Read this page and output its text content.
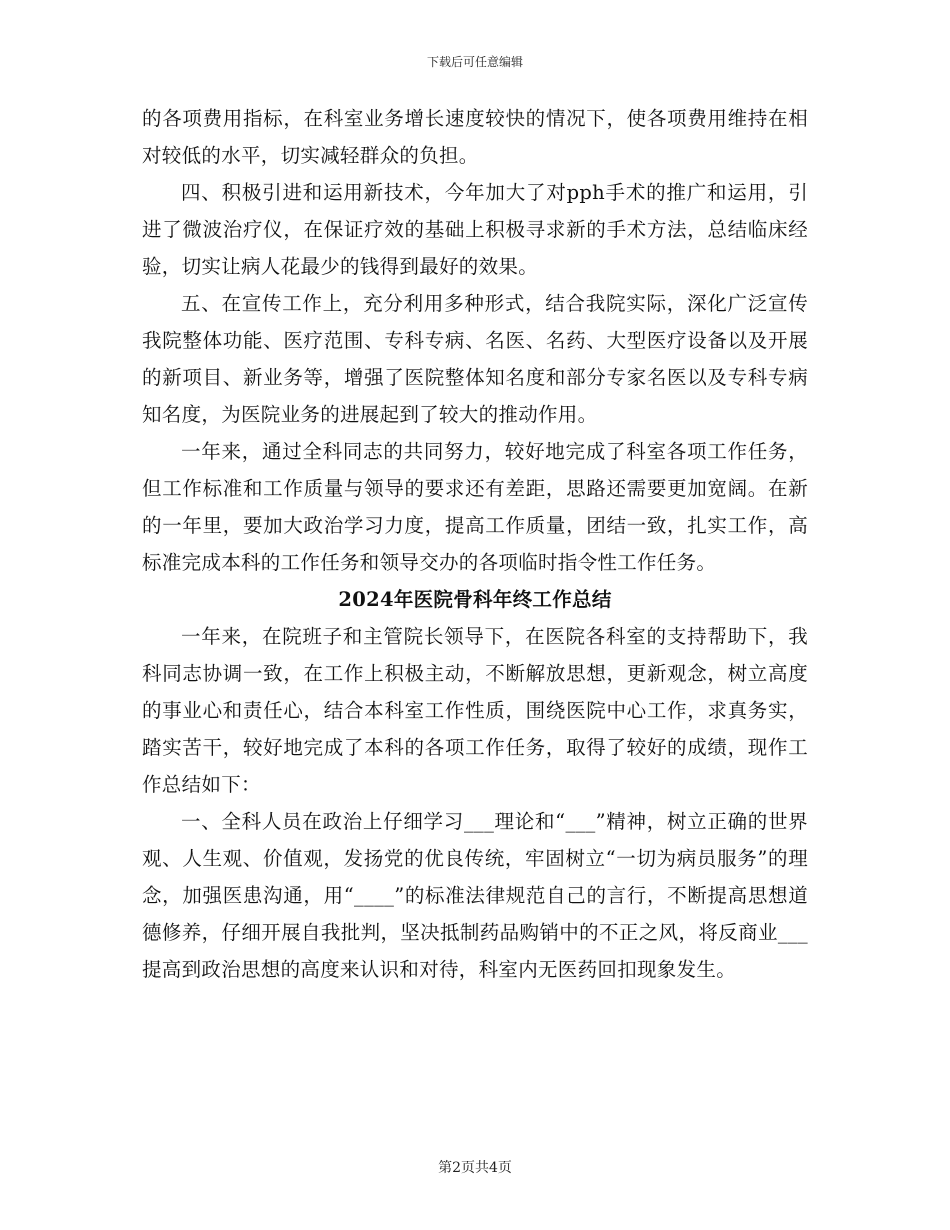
下载后可任意编辑

的各项费用指标，在科室业务增长速度较快的情况下，使各项费用维持在相对较低的水平，切实减轻群众的负担。

四、积极引进和运用新技术，今年加大了对pph手术的推广和运用，引进了微波治疗仪，在保证疗效的基础上积极寻求新的手术方法，总结临床经验，切实让病人花最少的钱得到最好的效果。

五、在宣传工作上，充分利用多种形式，结合我院实际，深化广泛宣传我院整体功能、医疗范围、专科专病、名医、名药、大型医疗设备以及开展的新项目、新业务等，增强了医院整体知名度和部分专家名医以及专科专病知名度，为医院业务的进展起到了较大的推动作用。

一年来，通过全科同志的共同努力，较好地完成了科室各项工作任务，但工作标准和工作质量与领导的要求还有差距，思路还需要更加宽阔。在新的一年里，要加大政治学习力度，提高工作质量，团结一致，扎实工作，高标准完成本科的工作任务和领导交办的各项临时指令性工作任务。

2024年医院骨科年终工作总结

一年来，在院班子和主管院长领导下，在医院各科室的支持帮助下，我科同志协调一致，在工作上积极主动，不断解放思想，更新观念，树立高度的事业心和责任心，结合本科室工作性质，围绕医院中心工作，求真务实，踏实苦干，较好地完成了本科的各项工作任务，取得了较好的成绩，现作工作总结如下：

一、全科人员在政治上仔细学习___理论和“___”精神，树立正确的世界观、人生观、价值观，发扬党的优良传统，牢固树立“一切为病员服务”的理念，加强医患沟通，用“____”的标准法律规范自己的言行，不断提高思想道德修养，仔细开展自我批判，坚决抵制药品购销中的不正之风，将反商业___提高到政治思想的高度来认识和对待，科室内无医药回扣现象发生。

第2页共4页
